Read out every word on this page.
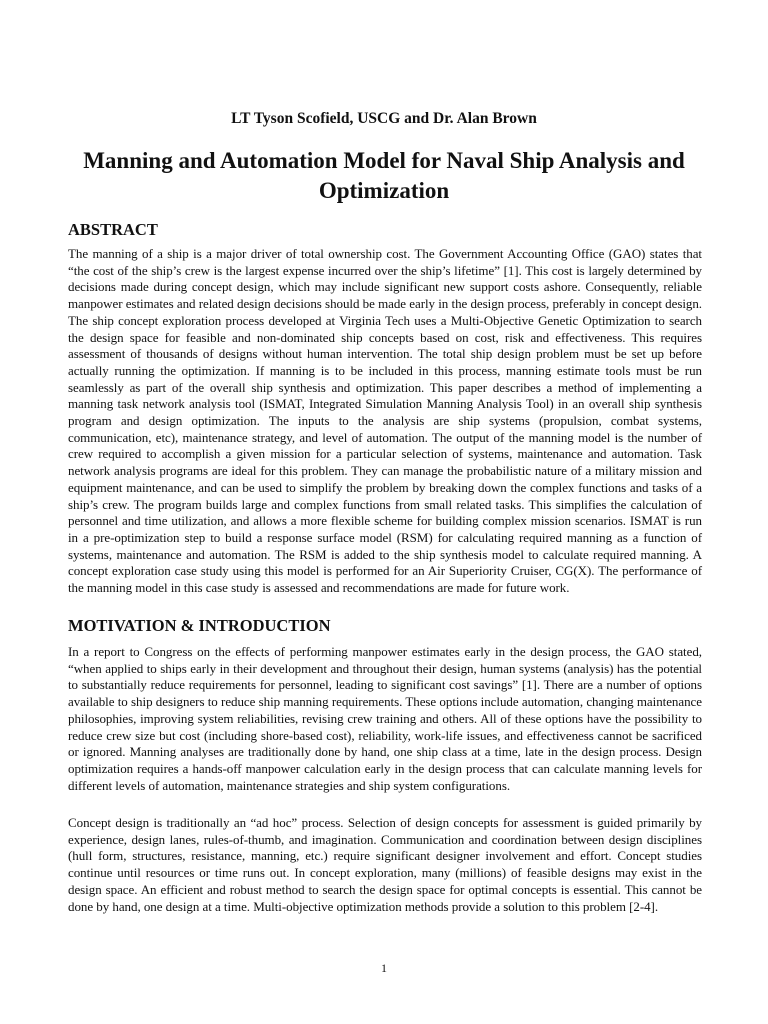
LT Tyson Scofield, USCG and Dr. Alan Brown

Manning and Automation Model for Naval Ship Analysis and Optimization
ABSTRACT

The manning of a ship is a major driver of total ownership cost. The Government Accounting Office (GAO) states that “the cost of the ship’s crew is the largest expense incurred over the ship’s lifetime” [1]. This cost is largely determined by decisions made during concept design, which may include significant new support costs ashore. Consequently, reliable manpower estimates and related design decisions should be made early in the design process, preferably in concept design. The ship concept exploration process developed at Virginia Tech uses a Multi-Objective Genetic Optimization to search the design space for feasible and non-dominated ship concepts based on cost, risk and effectiveness. This requires assessment of thousands of designs without human intervention. The total ship design problem must be set up before actually running the optimization. If manning is to be included in this process, manning estimate tools must be run seamlessly as part of the overall ship synthesis and optimization. This paper describes a method of implementing a manning task network analysis tool (ISMAT, Integrated Simulation Manning Analysis Tool) in an overall ship synthesis program and design optimization. The inputs to the analysis are ship systems (propulsion, combat systems, communication, etc), maintenance strategy, and level of automation. The output of the manning model is the number of crew required to accomplish a given mission for a particular selection of systems, maintenance and automation. Task network analysis programs are ideal for this problem. They can manage the probabilistic nature of a military mission and equipment maintenance, and can be used to simplify the problem by breaking down the complex functions and tasks of a ship’s crew. The program builds large and complex functions from small related tasks. This simplifies the calculation of personnel and time utilization, and allows a more flexible scheme for building complex mission scenarios. ISMAT is run in a pre-optimization step to build a response surface model (RSM) for calculating required manning as a function of systems, maintenance and automation. The RSM is added to the ship synthesis model to calculate required manning. A concept exploration case study using this model is performed for an Air Superiority Cruiser, CG(X). The performance of the manning model in this case study is assessed and recommendations are made for future work.

MOTIVATION & INTRODUCTION

In a report to Congress on the effects of performing manpower estimates early in the design process, the GAO stated, “when applied to ships early in their development and throughout their design, human systems (analysis) has the potential to substantially reduce requirements for personnel, leading to significant cost savings” [1]. There are a number of options available to ship designers to reduce ship manning requirements. These options include automation, changing maintenance philosophies, improving system reliabilities, revising crew training and others. All of these options have the possibility to reduce crew size but cost (including shore-based cost), reliability, work-life issues, and effectiveness cannot be sacrificed or ignored. Manning analyses are traditionally done by hand, one ship class at a time, late in the design process. Design optimization requires a hands-off manpower calculation early in the design process that can calculate manning levels for different levels of automation, maintenance strategies and ship system configurations.

Concept design is traditionally an “ad hoc” process. Selection of design concepts for assessment is guided primarily by experience, design lanes, rules-of-thumb, and imagination. Communication and coordination between design disciplines (hull form, structures, resistance, manning, etc.) require significant designer involvement and effort. Concept studies continue until resources or time runs out. In concept exploration, many (millions) of feasible designs may exist in the design space. An efficient and robust method to search the design space for optimal concepts is essential. This cannot be done by hand, one design at a time. Multi-objective optimization methods provide a solution to this problem [2-4].

1
